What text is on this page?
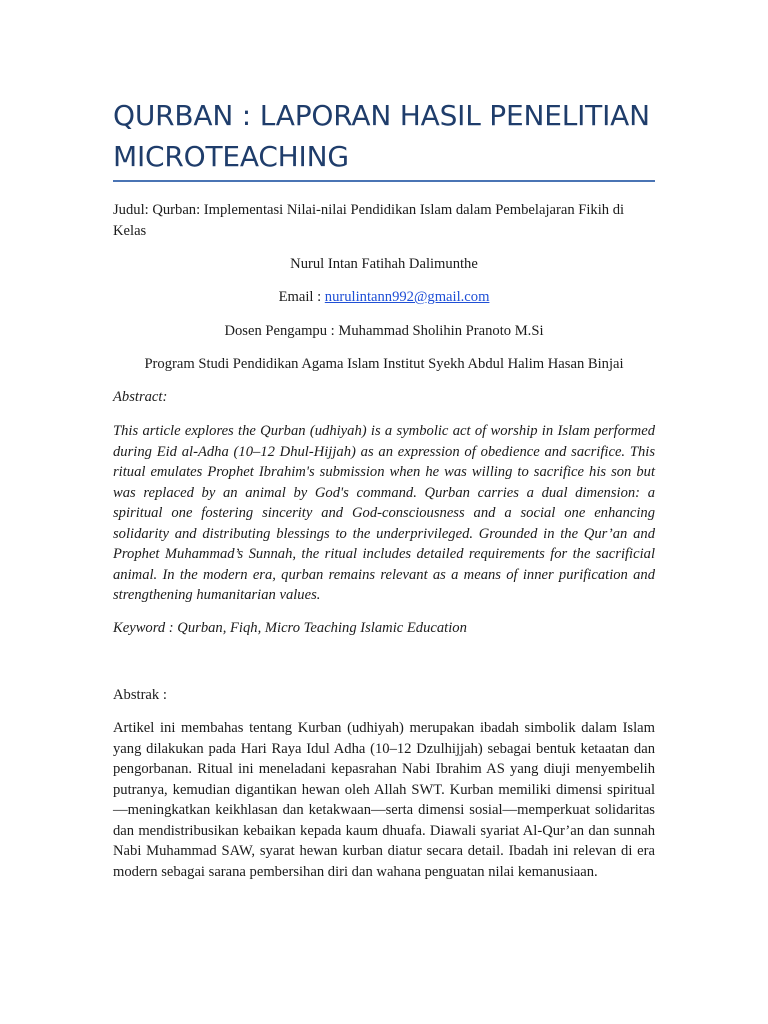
QURBAN : LAPORAN HASIL PENELITIAN MICROTEACHING

Judul: Qurban: Implementasi Nilai-nilai Pendidikan Islam dalam Pembelajaran Fikih di Kelas

Nurul Intan Fatihah Dalimunthe

Email : nurulintann992@gmail.com

Dosen Pengampu : Muhammad Sholihin Pranoto M.Si

Program Studi Pendidikan Agama Islam Institut Syekh Abdul Halim Hasan Binjai

Abstract:

This article explores the Qurban (udhiyah) is a symbolic act of worship in Islam performed during Eid al-Adha (10–12 Dhul-Hijjah) as an expression of obedience and sacrifice. This ritual emulates Prophet Ibrahim's submission when he was willing to sacrifice his son but was replaced by an animal by God's command. Qurban carries a dual dimension: a spiritual one fostering sincerity and God-consciousness and a social one enhancing solidarity and distributing blessings to the underprivileged. Grounded in the Qur’an and Prophet Muhammad’s Sunnah, the ritual includes detailed requirements for the sacrificial animal. In the modern era, qurban remains relevant as a means of inner purification and strengthening humanitarian values.

Keyword : Qurban, Fiqh, Micro Teaching Islamic Education

Abstrak :

Artikel ini membahas tentang Kurban (udhiyah) merupakan ibadah simbolik dalam Islam yang dilakukan pada Hari Raya Idul Adha (10–12 Dzulhijjah) sebagai bentuk ketaatan dan pengorbanan. Ritual ini meneladani kepasrahan Nabi Ibrahim AS yang diuji menyembelih putranya, kemudian digantikan hewan oleh Allah SWT. Kurban memiliki dimensi spiritual—meningkatkan keikhlasan dan ketakwaan—serta dimensi sosial—memperkuat solidaritas dan mendistribusikan kebaikan kepada kaum dhuafa. Diawali syariat Al-Qur’an dan sunnah Nabi Muhammad SAW, syarat hewan kurban diatur secara detail. Ibadah ini relevan di era modern sebagai sarana pembersihan diri dan wahana penguatan nilai kemanusiaan.
